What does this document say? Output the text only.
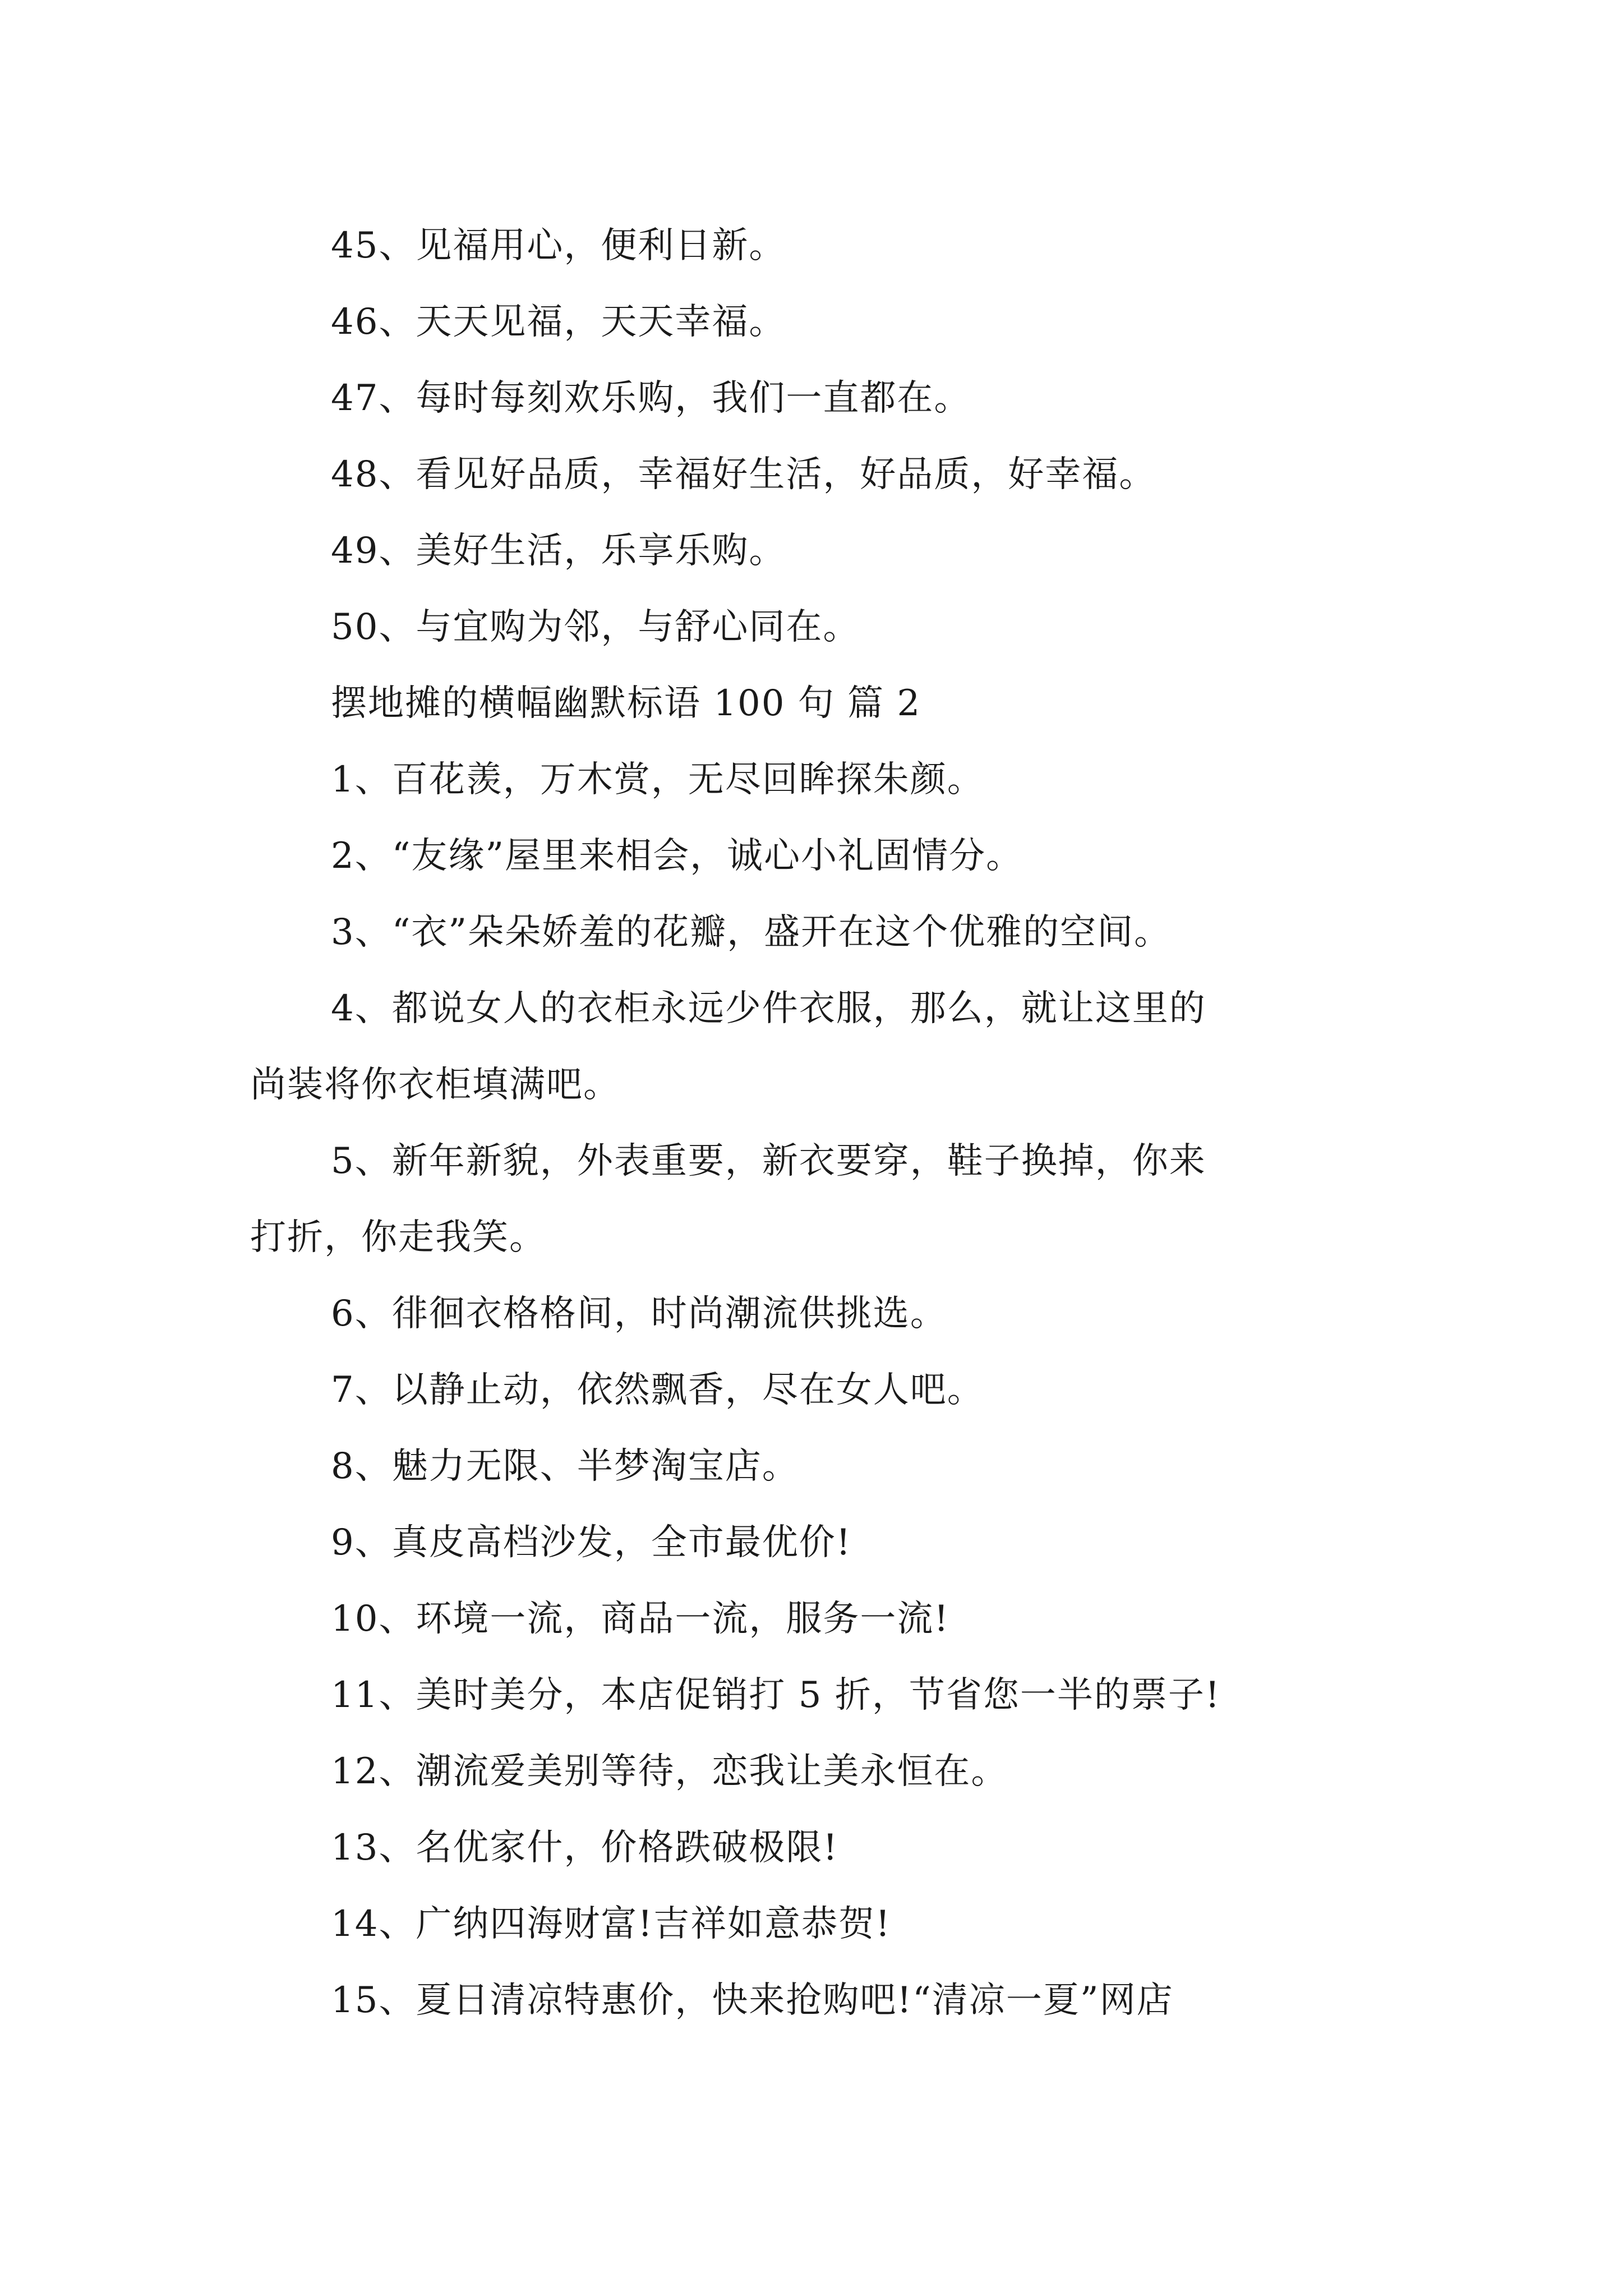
45、见福用心，便利日新。
46、天天见福，天天幸福。
47、每时每刻欢乐购，我们一直都在。
48、看见好品质，幸福好生活，好品质，好幸福。
49、美好生活，乐享乐购。
50、与宜购为邻，与舒心同在。
摆地摊的横幅幽默标语 100 句 篇 2
1、百花羡，万木赏，无尽回眸探朱颜。
2、“友缘”屋里来相会，诚心小礼固情分。
3、“衣”朵朵娇羞的花瓣，盛开在这个优雅的空间。
4、都说女人的衣柜永远少件衣服，那么，就让这里的
尚装将你衣柜填满吧。
5、新年新貌，外表重要，新衣要穿，鞋子换掉，你来
打折，你走我笑。
6、徘徊衣格格间，时尚潮流供挑选。
7、以静止动，依然飘香，尽在女人吧。
8、魅力无限、半梦淘宝店。
9、真皮高档沙发，全市最优价!
10、环境一流，商品一流，服务一流!
11、美时美分，本店促销打 5 折，节省您一半的票子!
12、潮流爱美别等待，恋我让美永恒在。
13、名优家什，价格跌破极限!
14、广纳四海财富!吉祥如意恭贺!
15、夏日清凉特惠价，快来抢购吧!“清凉一夏”网店
